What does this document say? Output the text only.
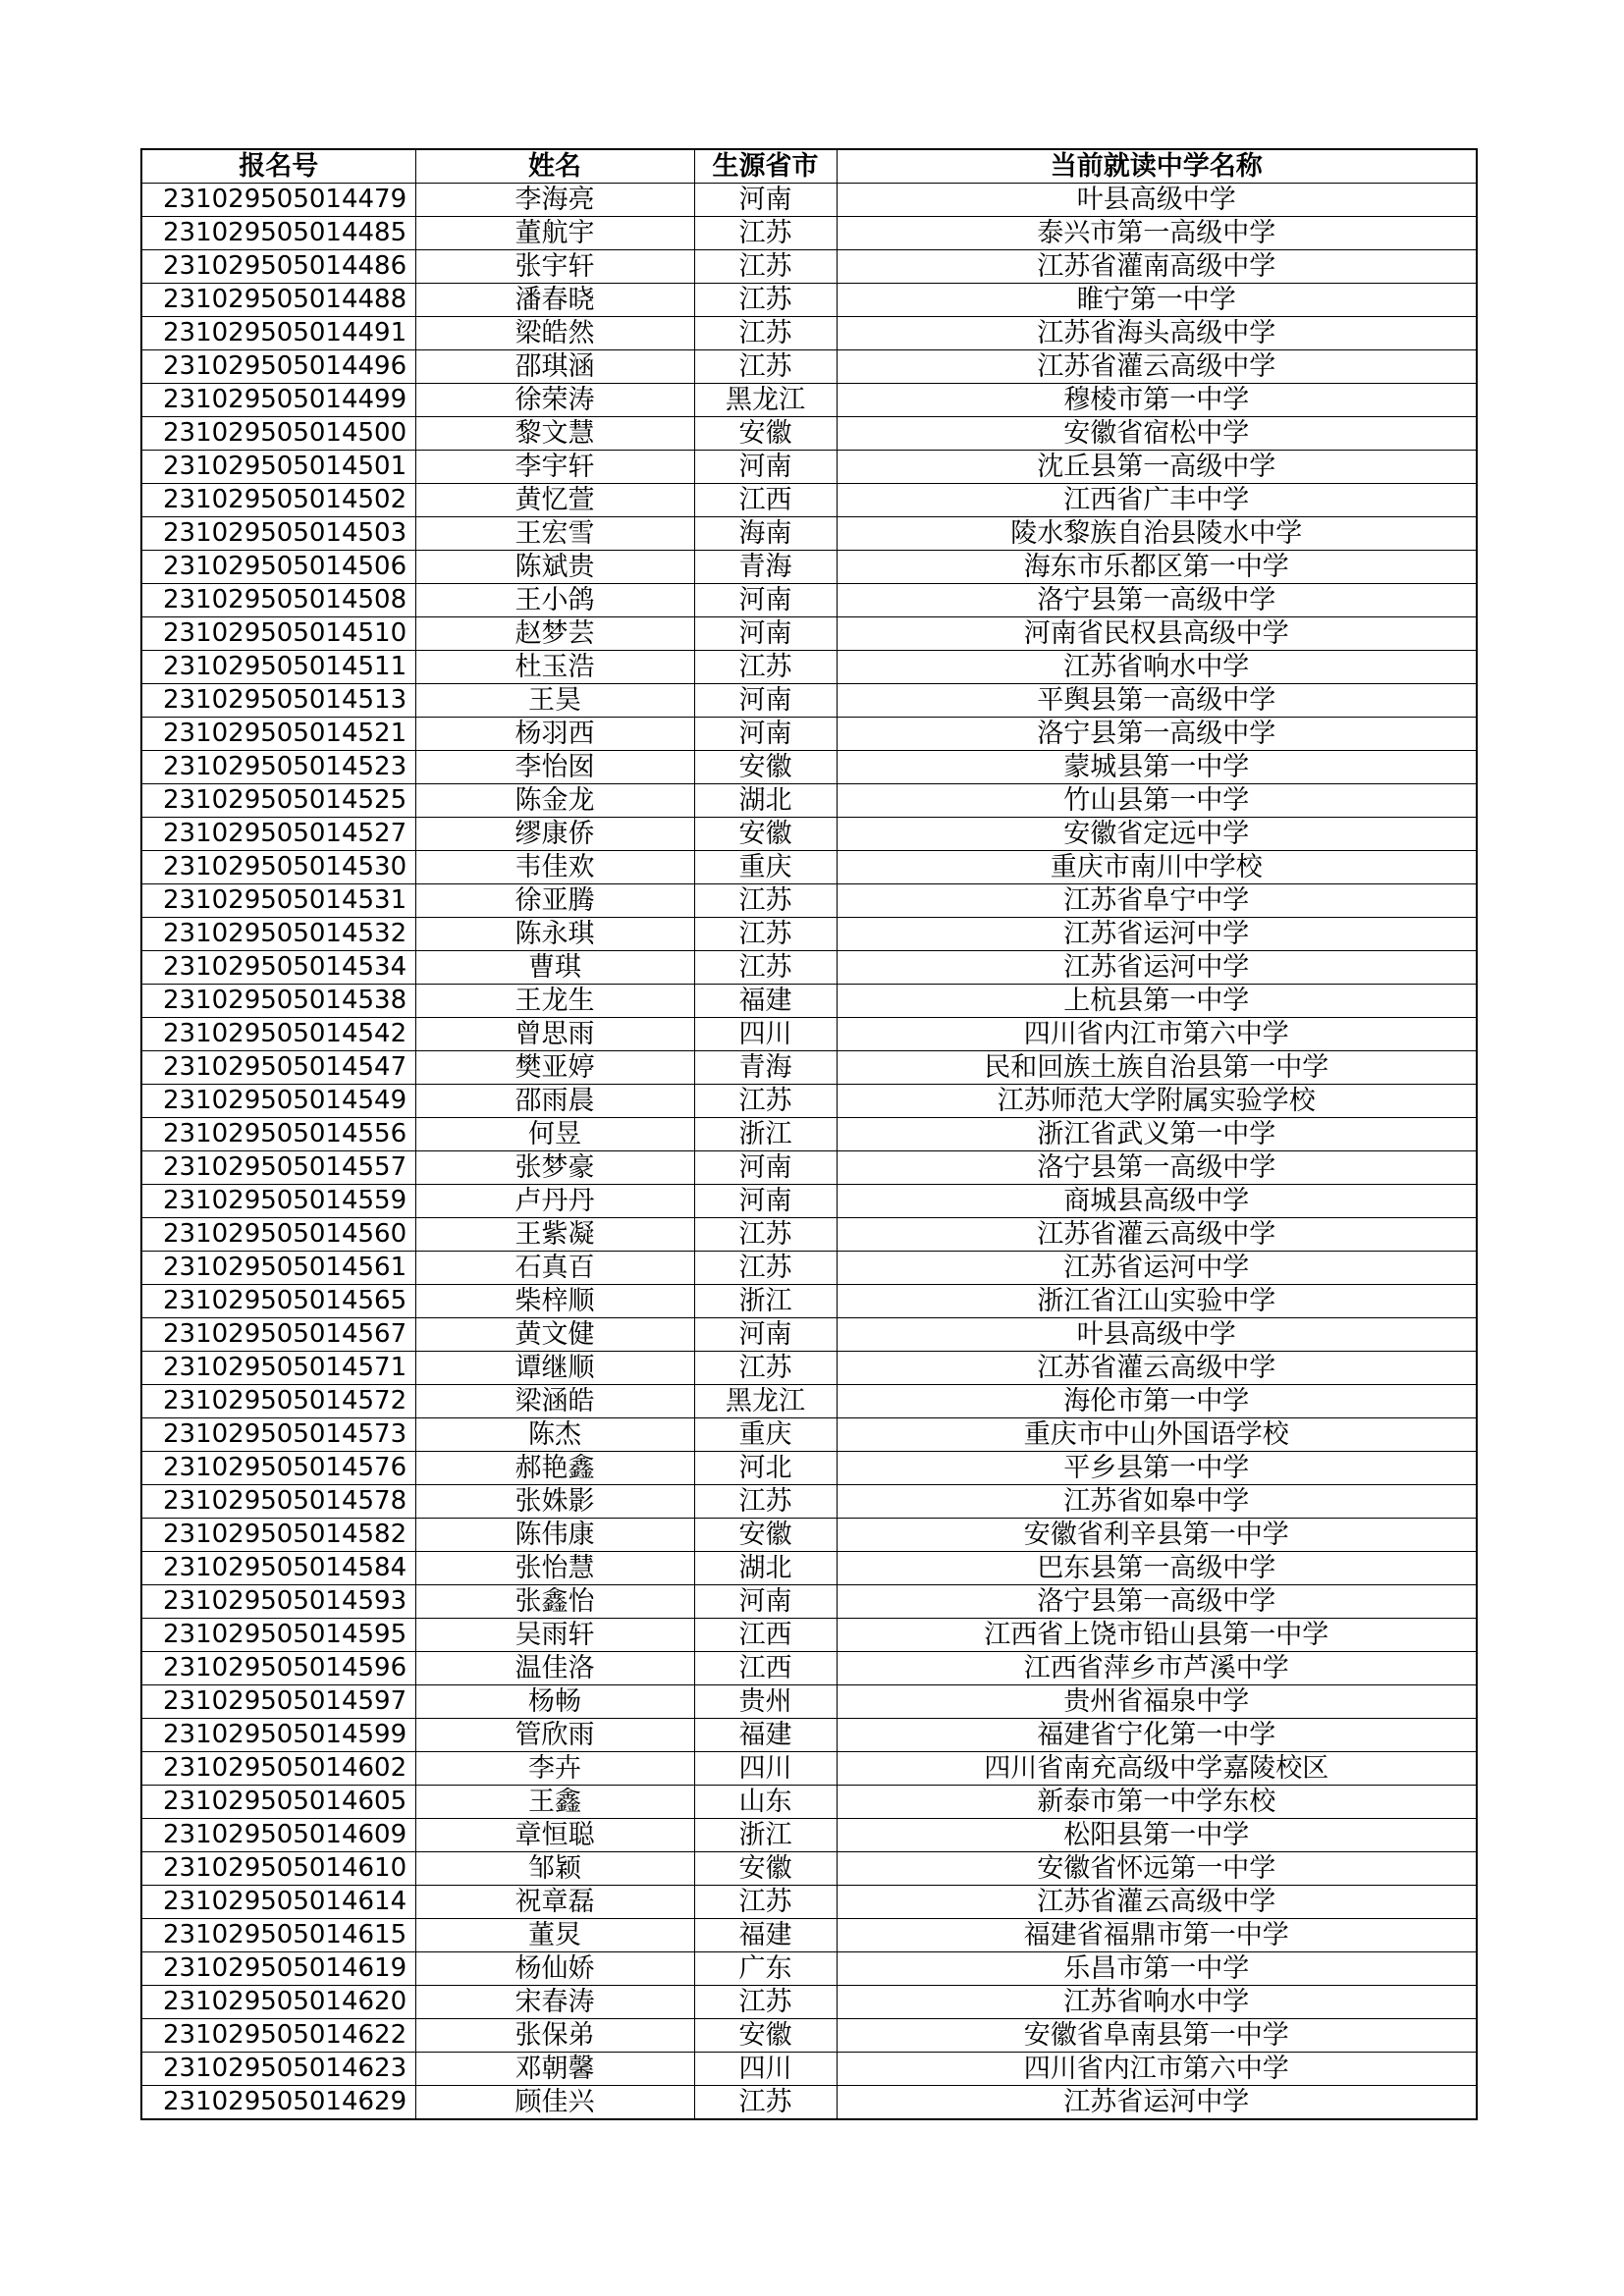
报名号	姓名	生源省市	当前就读中学名称
231029505014479	李海亮	河南	叶县高级中学
231029505014485	董航宇	江苏	泰兴市第一高级中学
231029505014486	张宇轩	江苏	江苏省灌南高级中学
231029505014488	潘春晓	江苏	睢宁第一中学
231029505014491	梁皓然	江苏	江苏省海头高级中学
231029505014496	邵琪涵	江苏	江苏省灌云高级中学
231029505014499	徐荣涛	黑龙江	穆棱市第一中学
231029505014500	黎文慧	安徽	安徽省宿松中学
231029505014501	李宇轩	河南	沈丘县第一高级中学
231029505014502	黄忆萱	江西	江西省广丰中学
231029505014503	王宏雪	海南	陵水黎族自治县陵水中学
231029505014506	陈斌贵	青海	海东市乐都区第一中学
231029505014508	王小鸽	河南	洛宁县第一高级中学
231029505014510	赵梦芸	河南	河南省民权县高级中学
231029505014511	杜玉浩	江苏	江苏省响水中学
231029505014513	王昊	河南	平舆县第一高级中学
231029505014521	杨羽西	河南	洛宁县第一高级中学
231029505014523	李怡囡	安徽	蒙城县第一中学
231029505014525	陈金龙	湖北	竹山县第一中学
231029505014527	缪康侨	安徽	安徽省定远中学
231029505014530	韦佳欢	重庆	重庆市南川中学校
231029505014531	徐亚腾	江苏	江苏省阜宁中学
231029505014532	陈永琪	江苏	江苏省运河中学
231029505014534	曹琪	江苏	江苏省运河中学
231029505014538	王龙生	福建	上杭县第一中学
231029505014542	曾思雨	四川	四川省内江市第六中学
231029505014547	樊亚婷	青海	民和回族土族自治县第一中学
231029505014549	邵雨晨	江苏	江苏师范大学附属实验学校
231029505014556	何昱	浙江	浙江省武义第一中学
231029505014557	张梦豪	河南	洛宁县第一高级中学
231029505014559	卢丹丹	河南	商城县高级中学
231029505014560	王紫凝	江苏	江苏省灌云高级中学
231029505014561	石真百	江苏	江苏省运河中学
231029505014565	柴梓顺	浙江	浙江省江山实验中学
231029505014567	黄文健	河南	叶县高级中学
231029505014571	谭继顺	江苏	江苏省灌云高级中学
231029505014572	梁涵皓	黑龙江	海伦市第一中学
231029505014573	陈杰	重庆	重庆市中山外国语学校
231029505014576	郝艳鑫	河北	平乡县第一中学
231029505014578	张姝影	江苏	江苏省如皋中学
231029505014582	陈伟康	安徽	安徽省利辛县第一中学
231029505014584	张怡慧	湖北	巴东县第一高级中学
231029505014593	张鑫怡	河南	洛宁县第一高级中学
231029505014595	吴雨轩	江西	江西省上饶市铅山县第一中学
231029505014596	温佳洛	江西	江西省萍乡市芦溪中学
231029505014597	杨畅	贵州	贵州省福泉中学
231029505014599	管欣雨	福建	福建省宁化第一中学
231029505014602	李卉	四川	四川省南充高级中学嘉陵校区
231029505014605	王鑫	山东	新泰市第一中学东校
231029505014609	章恒聪	浙江	松阳县第一中学
231029505014610	邹颖	安徽	安徽省怀远第一中学
231029505014614	祝章磊	江苏	江苏省灌云高级中学
231029505014615	董炅	福建	福建省福鼎市第一中学
231029505014619	杨仙娇	广东	乐昌市第一中学
231029505014620	宋春涛	江苏	江苏省响水中学
231029505014622	张保弟	安徽	安徽省阜南县第一中学
231029505014623	邓朝馨	四川	四川省内江市第六中学
231029505014629	顾佳兴	江苏	江苏省运河中学
